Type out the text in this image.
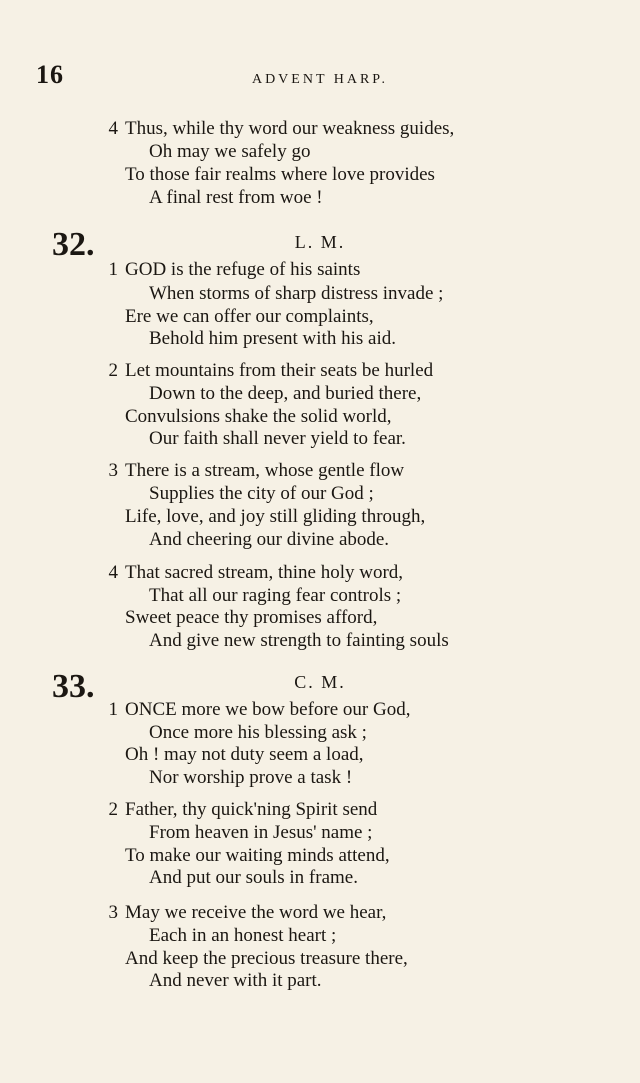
16	ADVENT HARP.
4 Thus, while thy word our weakness guides,
Oh may we safely go
To those fair realms where love provides
A final rest from woe !
32.	L. M.
1 GOD is the refuge of his saints
When storms of sharp distress invade ;
Ere we can offer our complaints,
Behold him present with his aid.
2 Let mountains from their seats be hurled
Down to the deep, and buried there,
Convulsions shake the solid world,
Our faith shall never yield to fear.
3 There is a stream, whose gentle flow
Supplies the city of our God ;
Life, love, and joy still gliding through,
And cheering our divine abode.
4 That sacred stream, thine holy word,
That all our raging fear controls ;
Sweet peace thy promises afford,
And give new strength to fainting souls
33.	C. M.
1 ONCE more we bow before our God,
Once more his blessing ask ;
Oh ! may not duty seem a load,
Nor worship prove a task !
2 Father, thy quick'ning Spirit send
From heaven in Jesus' name ;
To make our waiting minds attend,
And put our souls in frame.
3 May we receive the word we hear,
Each in an honest heart ;
And keep the precious treasure there,
And never with it part.
